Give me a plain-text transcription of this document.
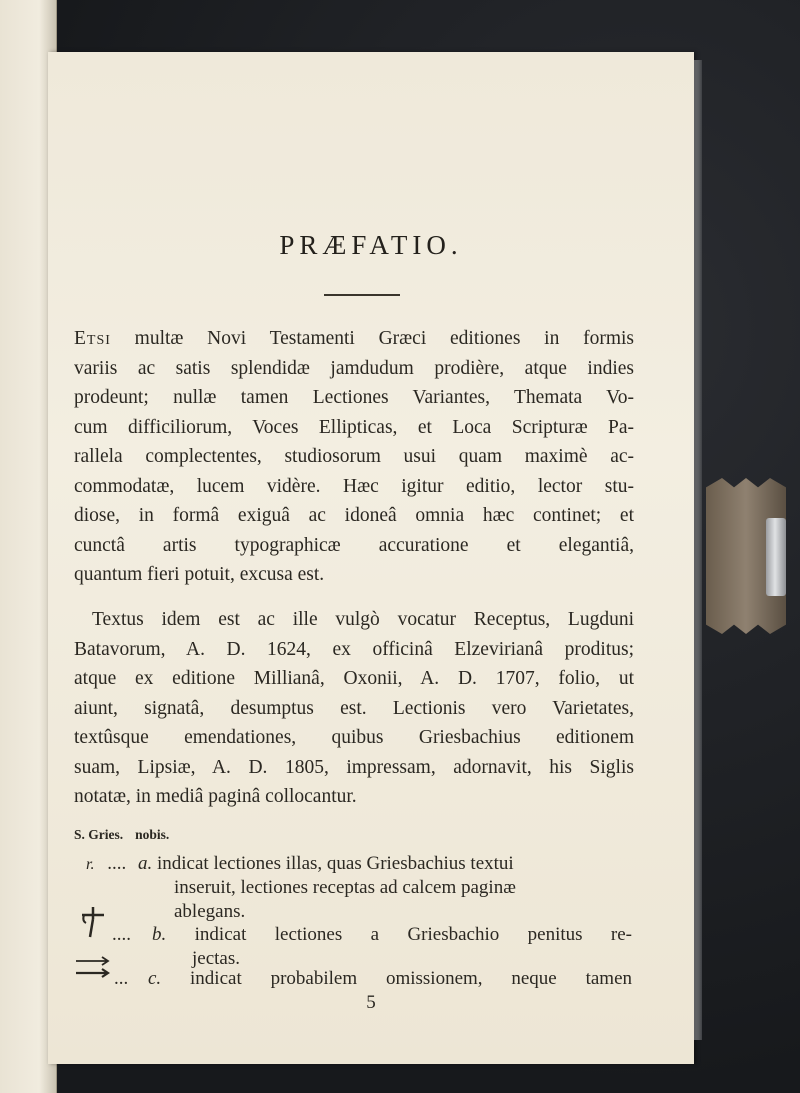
PRÆFATIO.
Etsi multæ Novi Testamenti Græci editiones in formis
variis ac satis splendidæ jamdudum prodière, atque indies
prodeunt; nullæ tamen Lectiones Variantes, Themata Vo-
cum difficiliorum, Voces Ellipticas, et Loca Scripturæ Pa-
rallela complectentes, studiosorum usui quam maximè ac-
commodatæ, lucem vidère. Hæc igitur editio, lector stu-
diose, in formâ exiguâ ac idoneâ omnia hæc continet; et
cunctâ artis typographicæ accuratione et elegantiâ,
quantum fieri potuit, excusa est.
Textus idem est ac ille vulgò vocatur Receptus, Lugduni
Batavorum, A. D. 1624, ex officinâ Elzevirianâ proditus;
atque ex editione Millianâ, Oxonii, A. D. 1707, folio, ut
aiunt, signatâ, desumptus est. Lectionis vero Varietates,
textûsque emendationes, quibus Griesbachius editionem
suam, Lipsiæ, A. D. 1805, impressam, adornavit, his Siglis
notatæ, in mediâ paginâ collocantur.
S. Gries. nobis.
r. .... a. indicat lectiones illas, quas Griesbachius textui
inseruit, lectiones receptas ad calcem paginæ
ablegans.
.... b. indicat lectiones a Griesbachio penitus re-
jectas.
... c. indicat probabilem omissionem, neque tamen
5
